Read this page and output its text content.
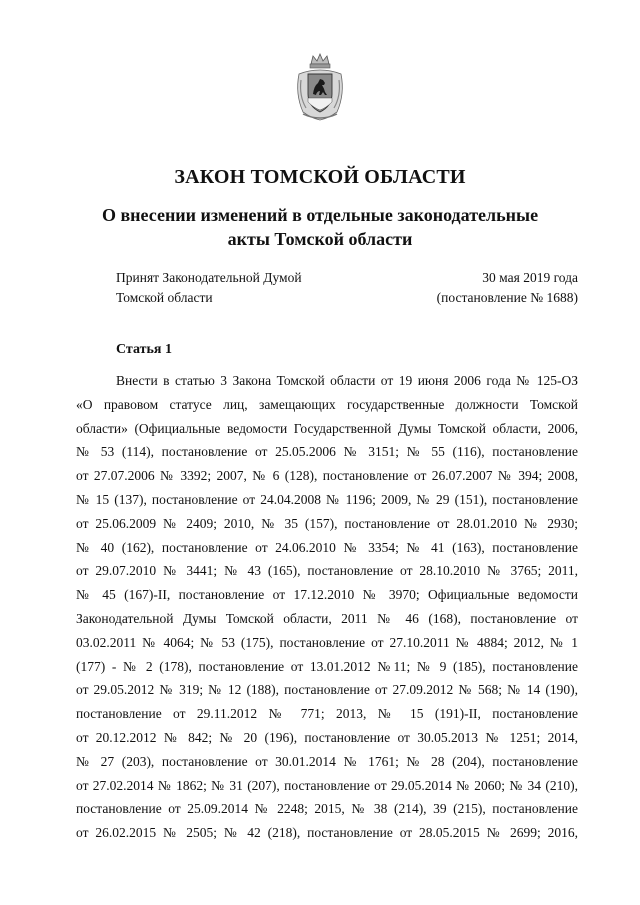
ЗАКОН ТОМСКОЙ ОБЛАСТИ
О внесении изменений в отдельные законодательные
акты Томской области
Принят Законодательной Думой
Томской области
30 мая 2019 года
(постановление № 1688)
Статья 1
Внести в статью 3 Закона Томской области от 19 июня 2006 года № 125-ОЗ
«О правовом статусе лиц, замещающих государственные должности Томской
области» (Официальные ведомости Государственной Думы Томской области, 2006,
№ 53 (114), постановление от 25.05.2006 № 3151; № 55 (116), постановление
от 27.07.2006 № 3392; 2007, № 6 (128), постановление от 26.07.2007 № 394; 2008,
№ 15 (137), постановление от 24.04.2008 № 1196; 2009, № 29 (151), постановление
от 25.06.2009 № 2409; 2010, № 35 (157), постановление от 28.01.2010 № 2930;
№ 40 (162), постановление от 24.06.2010 № 3354; № 41 (163), постановление
от 29.07.2010 № 3441; № 43 (165), постановление от 28.10.2010 № 3765; 2011,
№ 45 (167)-II, постановление от 17.12.2010 № 3970; Официальные ведомости
Законодательной Думы Томской области, 2011 № 46 (168), постановление от
03.02.2011 № 4064; № 53 (175), постановление от 27.10.2011 № 4884; 2012, № 1
(177) - № 2 (178), постановление от 13.01.2012 №11; № 9 (185), постановление
от 29.05.2012 № 319; № 12 (188), постановление от 27.09.2012 № 568; № 14 (190),
постановление от 29.11.2012 № 771; 2013, № 15 (191)-II, постановление
от 20.12.2012 № 842; № 20 (196), постановление от 30.05.2013 № 1251; 2014,
№ 27 (203), постановление от 30.01.2014 № 1761; № 28 (204), постановление
от 27.02.2014 № 1862; № 31 (207), постановление от 29.05.2014 № 2060; № 34 (210),
постановление от 25.09.2014 № 2248; 2015, № 38 (214), 39 (215), постановление
от 26.02.2015 № 2505; № 42 (218), постановление от 28.05.2015 № 2699; 2016,
